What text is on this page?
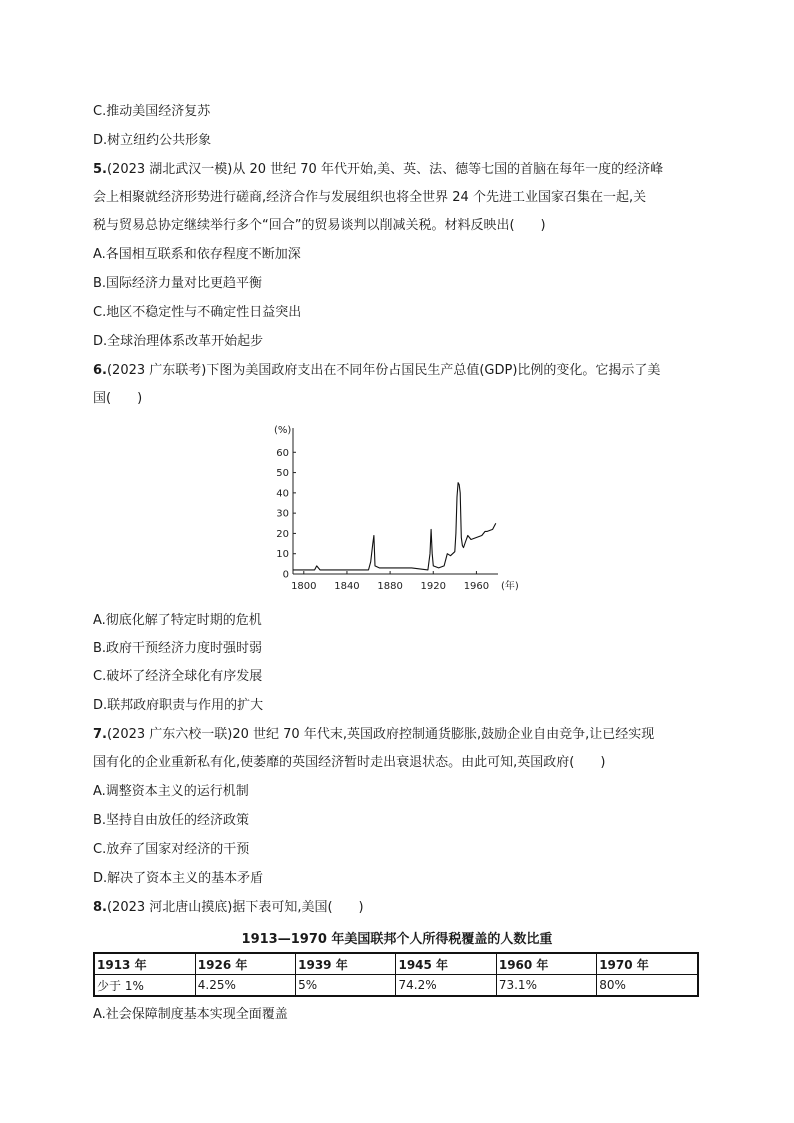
C.推动美国经济复苏
D.树立纽约公共形象
5.(2023 湖北武汉一模)从 20 世纪 70 年代开始,美、英、法、德等七国的首脑在每年一度的经济峰
会上相聚就经济形势进行磋商,经济合作与发展组织也将全世界 24 个先进工业国家召集在一起,关
税与贸易总协定继续举行多个“回合”的贸易谈判以削减关税。材料反映出(　　)
A.各国相互联系和依存程度不断加深
B.国际经济力量对比更趋平衡
C.地区不稳定性与不确定性日益突出
D.全球治理体系改革开始起步
6.(2023 广东联考)下图为美国政府支出在不同年份占国民生产总值(GDP)比例的变化。它揭示了美
国(　　)
(%)
(年)
0
10
20
30
40
50
60
1800 1840 1880 1920 1960
A.彻底化解了特定时期的危机
B.政府干预经济力度时强时弱
C.破坏了经济全球化有序发展
D.联邦政府职责与作用的扩大
7.(2023 广东六校一联)20 世纪 70 年代末,英国政府控制通货膨胀,鼓励企业自由竞争,让已经实现
国有化的企业重新私有化,使萎靡的英国经济暂时走出衰退状态。由此可知,英国政府(　　)
A.调整资本主义的运行机制
B.坚持自由放任的经济政策
C.放弃了国家对经济的干预
D.解决了资本主义的基本矛盾
8.(2023 河北唐山摸底)据下表可知,美国(　　)
1913—1970 年美国联邦个人所得税覆盖的人数比重
1913 年	1926 年	1939 年	1945 年	1960 年	1970 年
少于 1%	4.25%	5%	74.2%	73.1%	80%
A.社会保障制度基本实现全面覆盖
